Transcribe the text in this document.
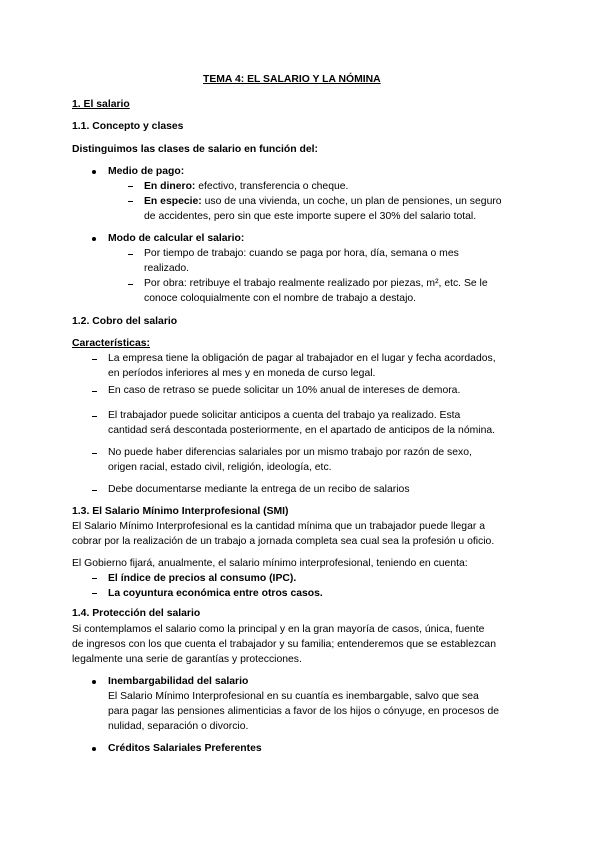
TEMA 4: EL SALARIO Y LA NÓMINA
1. El salario
1.1. Concepto y clases
Distinguimos las clases de salario en función del:
Medio de pago:
En dinero: efectivo, transferencia o cheque.
En especie: uso de una vivienda, un coche, un plan de pensiones, un seguro
de accidentes, pero sin que este importe supere el 30% del salario total.
Modo de calcular el salario:
Por tiempo de trabajo: cuando se paga por hora, día, semana o mes
realizado.
Por obra: retribuye el trabajo realmente realizado por piezas, m², etc. Se le
conoce coloquialmente con el nombre de trabajo a destajo.
1.2. Cobro del salario
Características:
La empresa tiene la obligación de pagar al trabajador en el lugar y fecha acordados,
en períodos inferiores al mes y en moneda de curso legal.
En caso de retraso se puede solicitar un 10% anual de intereses de demora.
El trabajador puede solicitar anticipos a cuenta del trabajo ya realizado. Esta
cantidad será descontada posteriormente, en el apartado de anticipos de la nómina.
No puede haber diferencias salariales por un mismo trabajo por razón de sexo,
origen racial, estado civil, religión, ideología, etc.
Debe documentarse mediante la entrega de un recibo de salarios
1.3. El Salario Mínimo Interprofesional (SMI)
El Salario Mínimo Interprofesional es la cantidad mínima que un trabajador puede llegar a
cobrar por la realización de un trabajo a jornada completa sea cual sea la profesión u oficio.
El Gobierno fijará, anualmente, el salario mínimo interprofesional, teniendo en cuenta:
El índice de precios al consumo (IPC).
La coyuntura económica entre otros casos.
1.4. Protección del salario
Si contemplamos el salario como la principal y en la gran mayoría de casos, única, fuente
de ingresos con los que cuenta el trabajador y su familia; entenderemos que se establezcan
legalmente una serie de garantías y protecciones.
Inembargabilidad del salario
El Salario Mínimo Interprofesional en su cuantía es inembargable, salvo que sea
para pagar las pensiones alimenticias a favor de los hijos o cónyuge, en procesos de
nulidad, separación o divorcio.
Créditos Salariales Preferentes
